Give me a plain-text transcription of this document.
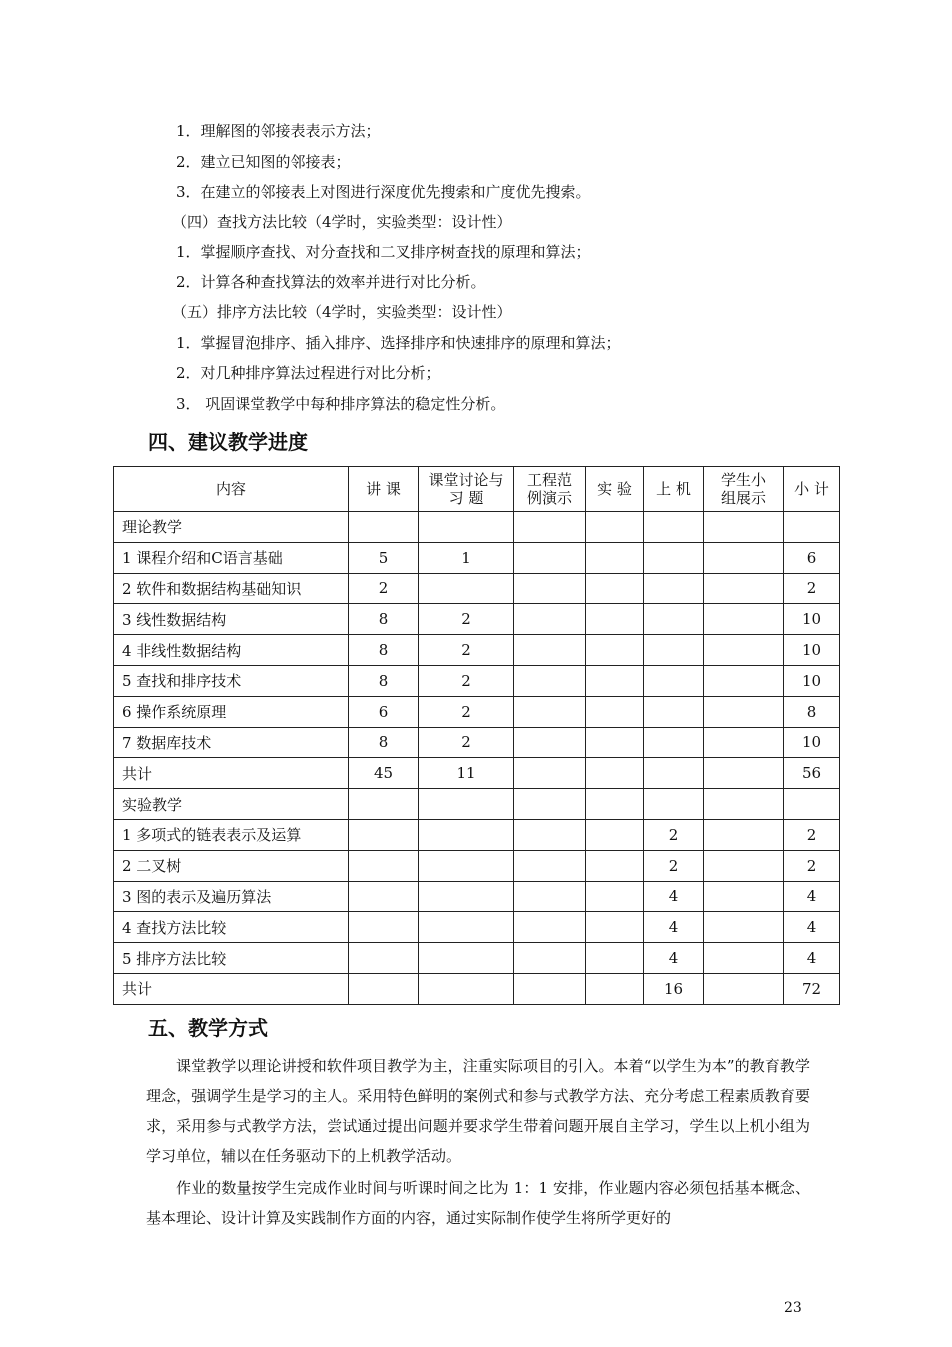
1．理解图的邻接表表示方法；
2．建立已知图的邻接表；
3．在建立的邻接表上对图进行深度优先搜索和广度优先搜索。
（四）查找方法比较（4学时，实验类型：设计性）
1．掌握顺序查找、对分查找和二叉排序树查找的原理和算法；
2．计算各种查找算法的效率并进行对比分析。
（五）排序方法比较（4学时，实验类型：设计性）
1．掌握冒泡排序、插入排序、选择排序和快速排序的原理和算法；
2．对几种排序算法过程进行对比分析；
3． 巩固课堂教学中每种排序算法的稳定性分析。
四、建议教学进度
内容	讲 课	课堂讨论与 习 题	工程范例演示	实 验	上 机	学生小组展示	小 计
理论教学							
1 课程介绍和C语言基础	5	1					6
2 软件和数据结构基础知识	2						2
3 线性数据结构	8	2					10
4 非线性数据结构	8	2					10
5 查找和排序技术	8	2					10
6 操作系统原理	6	2					8
7 数据库技术	8	2					10
共计	45	11					56
实验教学							
1 多项式的链表表示及运算					2		2
2 二叉树					2		2
3 图的表示及遍历算法					4		4
4 查找方法比较					4		4
5 排序方法比较					4		4
共计					16		72
五、教学方式
课堂教学以理论讲授和软件项目教学为主，注重实际项目的引入。本着“以学生为本”的教育教学理念，强调学生是学习的主人。采用特色鲜明的案例式和参与式教学方法、充分考虑工程素质教育要求，采用参与式教学方法，尝试通过提出问题并要求学生带着问题开展自主学习，学生以上机小组为学习单位，辅以在任务驱动下的上机教学活动。
作业的数量按学生完成作业时间与听课时间之比为 1：1 安排，作业题内容必须包括基本概念、基本理论、设计计算及实践制作方面的内容，通过实际制作使学生将所学更好的
23
